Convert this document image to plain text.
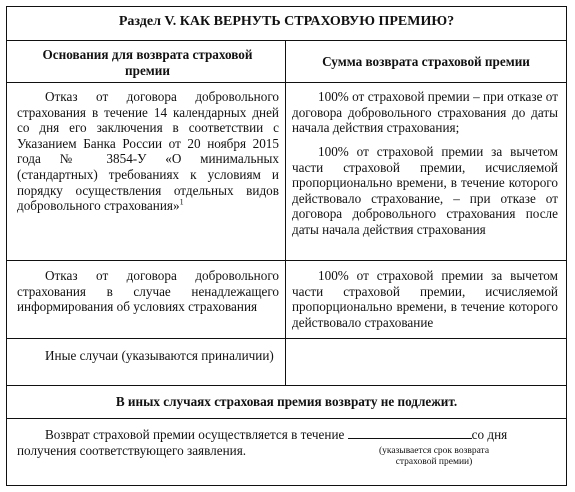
Раздел V. КАК ВЕРНУТЬ СТРАХОВУЮ ПРЕМИЮ?
Основания для возврата страховой премии
Сумма возврата страховой премии
Отказ от договора добровольного страхования в течение 14 календарных дней со дня его заключения в соответствии с Указанием Банка России от 20 ноября 2015 года № 3854-У «О минимальных (стандартных) требованиях к условиям и порядку осуществления отдельных видов добровольного страхования»$^1$
100% от страховой премии – при отказе от договора добровольного страхования до даты начала действия страхования;
100% от страховой премии за вычетом части страховой премии, исчисляемой пропорционально времени, в течение которого действовало страхование, – при отказе от договора добровольного страхования после даты начала действия страхования
Отказ от договора добровольного страхования в случае ненадлежащего информирования об условиях страхования
100% от страховой премии за вычетом части страховой премии, исчисляемой пропорционально времени, в течение которого действовало страхование
Иные случаи (указываются приналичии)
В иных случаях страховая премия возврату не подлежит.
Возврат страховой премии осуществляется в течение	со дня
получения соответствующего заявления.	(указывается срок возврата страховой премии)
